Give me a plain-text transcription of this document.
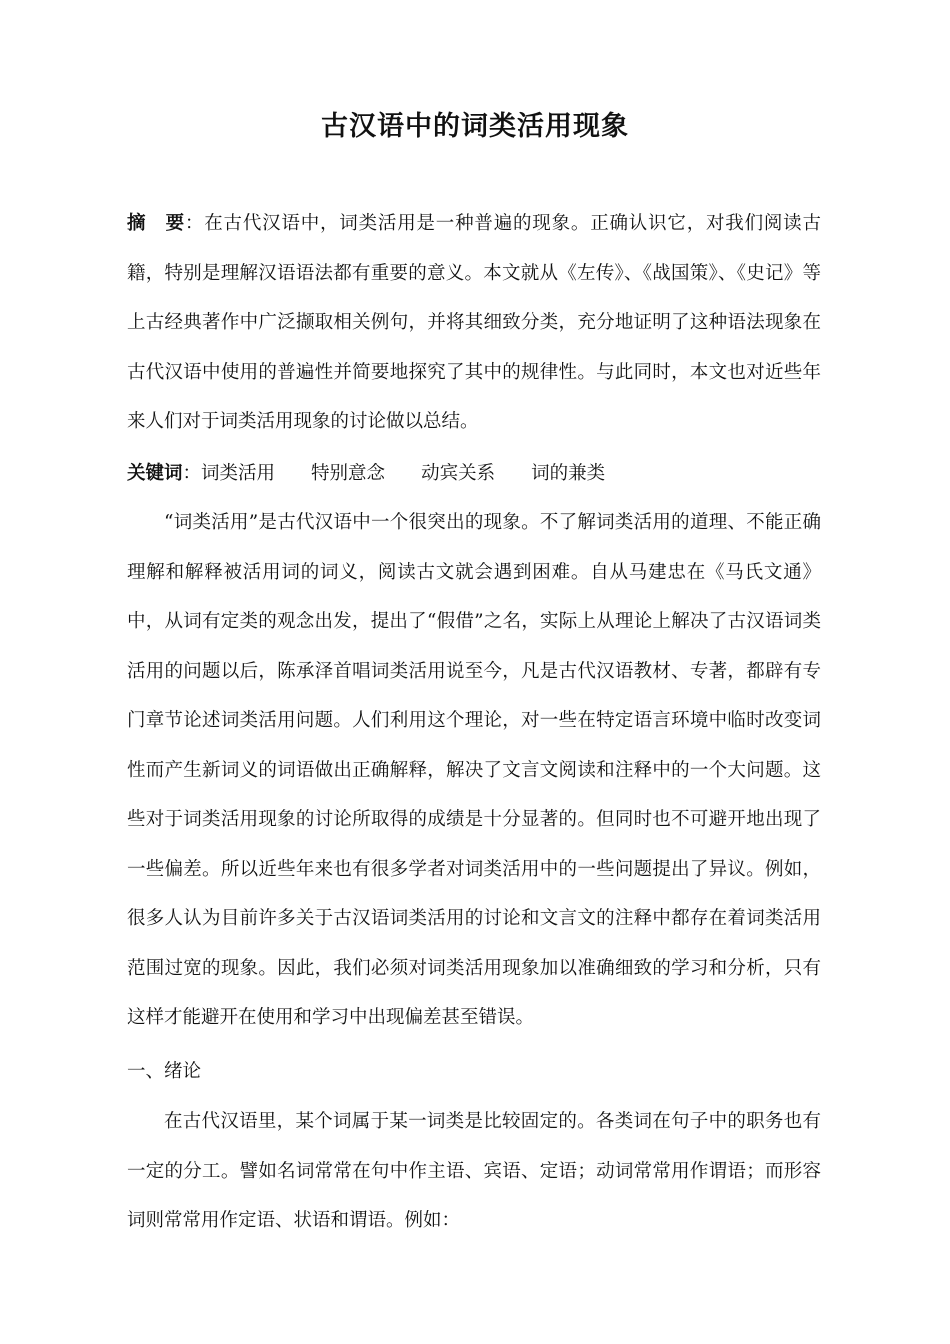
古汉语中的词类活用现象

摘　要：在古代汉语中，词类活用是一种普遍的现象。正确认识它，对我们阅读古籍，特别是理解汉语语法都有重要的意义。本文就从《左传》、《战国策》、《史记》等上古经典著作中广泛撷取相关例句，并将其细致分类，充分地证明了这种语法现象在古代汉语中使用的普遍性并简要地探究了其中的规律性。与此同时，本文也对近些年来人们对于词类活用现象的讨论做以总结。

关键词：词类活用 特别意念 动宾关系 词的兼类

“词类活用”是古代汉语中一个很突出的现象。不了解词类活用的道理、不能正确理解和解释被活用词的词义，阅读古文就会遇到困难。自从马建忠在《马氏文通》中，从词有定类的观念出发，提出了“假借”之名，实际上从理论上解决了古汉语词类活用的问题以后，陈承泽首唱词类活用说至今，凡是古代汉语教材、专著，都辟有专门章节论述词类活用问题。人们利用这个理论，对一些在特定语言环境中临时改变词性而产生新词义的词语做出正确解释，解决了文言文阅读和注释中的一个大问题。这些对于词类活用现象的讨论所取得的成绩是十分显著的。但同时也不可避开地出现了一些偏差。所以近些年来也有很多学者对词类活用中的一些问题提出了异议。例如，很多人认为目前许多关于古汉语词类活用的讨论和文言文的注释中都存在着词类活用范围过宽的现象。因此，我们必须对词类活用现象加以准确细致的学习和分析，只有这样才能避开在使用和学习中出现偏差甚至错误。

一、绪论

在古代汉语里，某个词属于某一词类是比较固定的。各类词在句子中的职务也有一定的分工。譬如名词常常在句中作主语、宾语、定语；动词常常用作谓语；而形容词则常常用作定语、状语和谓语。例如：
